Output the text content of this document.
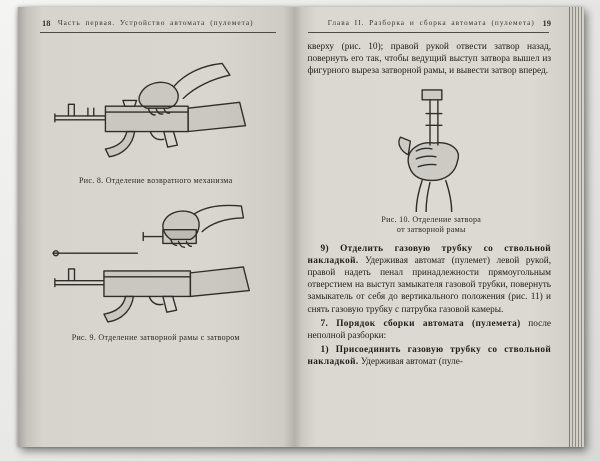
18 Часть первая. Устройство автомата (пулемета)
Рис. 8. Отделение возвратного механизма
Рис. 9. Отделение затворной рамы с затвором
Глава II. Разборка и сборка автомата (пулемета) 19

кверху (рис. 10); правой рукой отвести затвор назад, повернуть его так, чтобы ведущий выступ затвора вышел из фигурного выреза затворной рамы, и вывести затвор вперед.

Рис. 10. Отделение затвора
от затворной рамы

9) Отделить газовую трубку со ствольной накладкой. Удерживая автомат (пулемет) левой рукой, правой надеть пенал принадлежности прямоугольным отверстием на выступ замыкателя газовой трубки, повернуть замыкатель от себя до вертикального положения (рис. 11) и снять газовую трубку с патрубка газовой камеры.

7. Порядок сборки автомата (пулемета) после неполной разборки:

1) Присоединить газовую трубку со ствольной накладкой. Удерживая автомат (пуле-
